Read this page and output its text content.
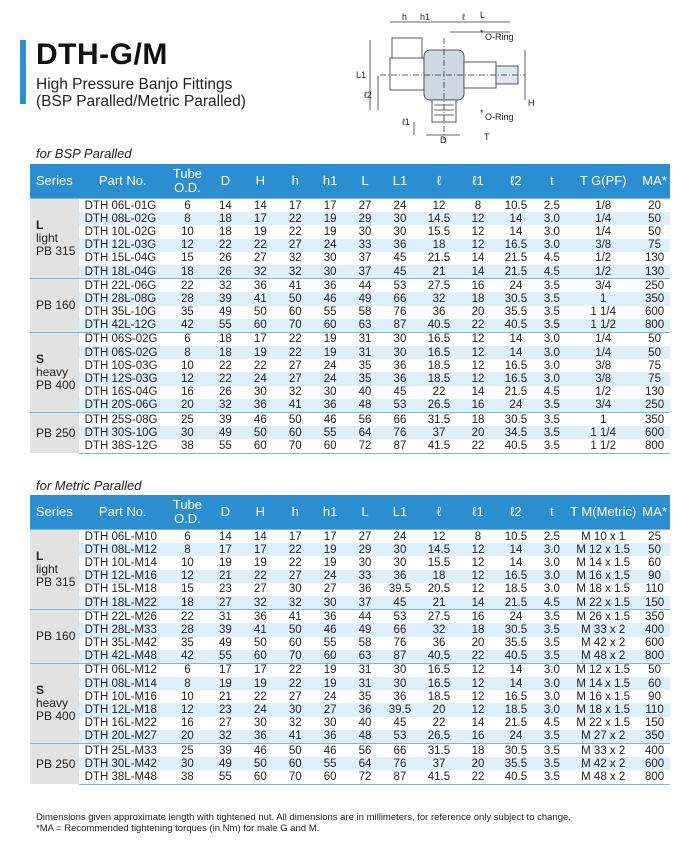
DTH-G/M
High Pressure Banjo Fittings
(BSP Paralled/Metric Paralled)
h h1	ℓ L
* O-Ring
L1
ℓ2
H
* O-Ring
ℓ1
D	T
for BSP Paralled
Series	Part No.	Tube O.D.	D	H	h	h1	L	L1	ℓ	ℓ1	ℓ2	t	T G(PF)	MA*

L
light
PB 315	DTH 06L-01G	6	14	14	17	17	27	24	12	8	10.5	2.5	1/8	20
	DTH 08L-02G	8	18	17	22	19	29	30	14.5	12	14	3.0	1/4	50
	DTH 10L-02G	10	18	19	22	19	30	30	15.5	12	14	3.0	1/4	50
	DTH 12L-03G	12	22	22	27	24	33	36	18	12	16.5	3.0	3/8	75
	DTH 15L-04G	15	26	27	32	30	37	45	21.5	14	21.5	4.5	1/2	130
	DTH 18L-04G	18	26	32	32	30	37	45	21	14	21.5	4.5	1/2	130

PB 160	DTH 22L-06G	22	32	36	41	36	44	53	27.5	16	24	3.5	3/4	250
	DTH 28L-08G	28	39	41	50	46	49	66	32	18	30.5	3.5	1	350
	DTH 35L-10G	35	49	50	60	55	58	76	36	20	35.5	3.5	1 1/4	600
	DTH 42L-12G	42	55	60	70	60	63	87	40.5	22	40.5	3.5	1 1/2	800

S
heavy
PB 400	DTH 06S-02G	6	18	17	22	19	31	30	16.5	12	14	3.0	1/4	50
	DTH 06S-02G	8	18	19	22	19	31	30	16.5	12	14	3.0	1/4	50
	DTH 10S-03G	10	22	22	27	24	35	36	18.5	12	16.5	3.0	3/8	75
	DTH 12S-03G	12	22	24	27	24	35	36	18.5	12	16.5	3.0	3/8	75
	DTH 16S-04G	16	26	30	32	30	40	45	22	14	21.5	4.5	1/2	130
	DTH 20S-06G	20	32	36	41	36	48	53	26.5	16	24	3.5	3/4	250

PB 250	DTH 25S-08G	25	39	46	50	46	56	66	31.5	18	30.5	3.5	1	350
	DTH 30S-10G	30	49	50	60	55	64	76	37	20	34.5	3.5	1 1/4	600
	DTH 38S-12G	38	55	60	70	60	72	87	41.5	22	40.5	3.5	1 1/2	800
for Metric Paralled
Series	Part No.	Tube O.D.	D	H	h	h1	L	L1	ℓ	ℓ1	ℓ2	t	T M(Metric)	MA*

L
light
PB 315	DTH 06L-M10	6	14	14	17	17	27	24	12	8	10.5	2.5	M 10 x 1	25
	DTH 08L-M12	8	17	17	22	19	29	30	14.5	12	14	3.0	M 12 x 1.5	50
	DTH 10L-M14	10	19	19	22	19	30	30	15.5	12	14	3.0	M 14 x 1.5	60
	DTH 12L-M16	12	21	22	27	24	33	36	18	12	16.5	3.0	M 16 x 1.5	90
	DTH 15L-M18	15	23	27	30	27	36	39.5	20.5	12	18.5	3.0	M 18 x 1.5	110
	DTH 18L-M22	18	27	32	32	30	37	45	21	14	21.5	4.5	M 22 x 1.5	150

PB 160	DTH 22L-M26	22	31	36	41	36	44	53	27.5	16	24	3.5	M 26 x 1.5	350
	DTH 28L-M33	28	39	41	50	46	49	66	32	18	30.5	3.5	M 33 x 2	400
	DTH 35L-M42	35	49	50	60	55	58	76	36	20	35.5	3.5	M 42 x 2	600
	DTH 42L-M48	42	55	60	70	60	63	87	40.5	22	40.5	3.5	M 48 x 2	800

S
heavy
PB 400	DTH 06L-M12	6	17	17	22	19	31	30	16.5	12	14	3.0	M 12 x 1.5	50
	DTH 08L-M14	8	19	19	22	19	31	30	16.5	12	14	3.0	M 14 x 1.5	60
	DTH 10L-M16	10	21	22	27	24	35	36	18.5	12	16.5	3.0	M 16 x 1.5	90
	DTH 12L-M18	12	23	24	30	27	36	39.5	20	12	18.5	3.0	M 18 x 1.5	110
	DTH 16L-M22	16	27	30	32	30	40	45	22	14	21.5	4.5	M 22 x 1.5	150
	DTH 20L-M27	20	32	36	41	36	48	53	26.5	16	24	3.5	M 27 x 2	350

PB 250	DTH 25L-M33	25	39	46	50	46	56	66	31.5	18	30.5	3.5	M 33 x 2	400
	DTH 30L-M42	30	49	50	60	55	64	76	37	20	35.5	3.5	M 42 x 2	600
	DTH 38L-M48	38	55	60	70	60	72	87	41.5	22	40.5	3.5	M 48 x 2	800
Dimensions given approximate length with tightened nut. All dimensions are in millimeters, for reference only subject to change.
*MA = Recommended tightening torques (in Nm) for male G and M.
